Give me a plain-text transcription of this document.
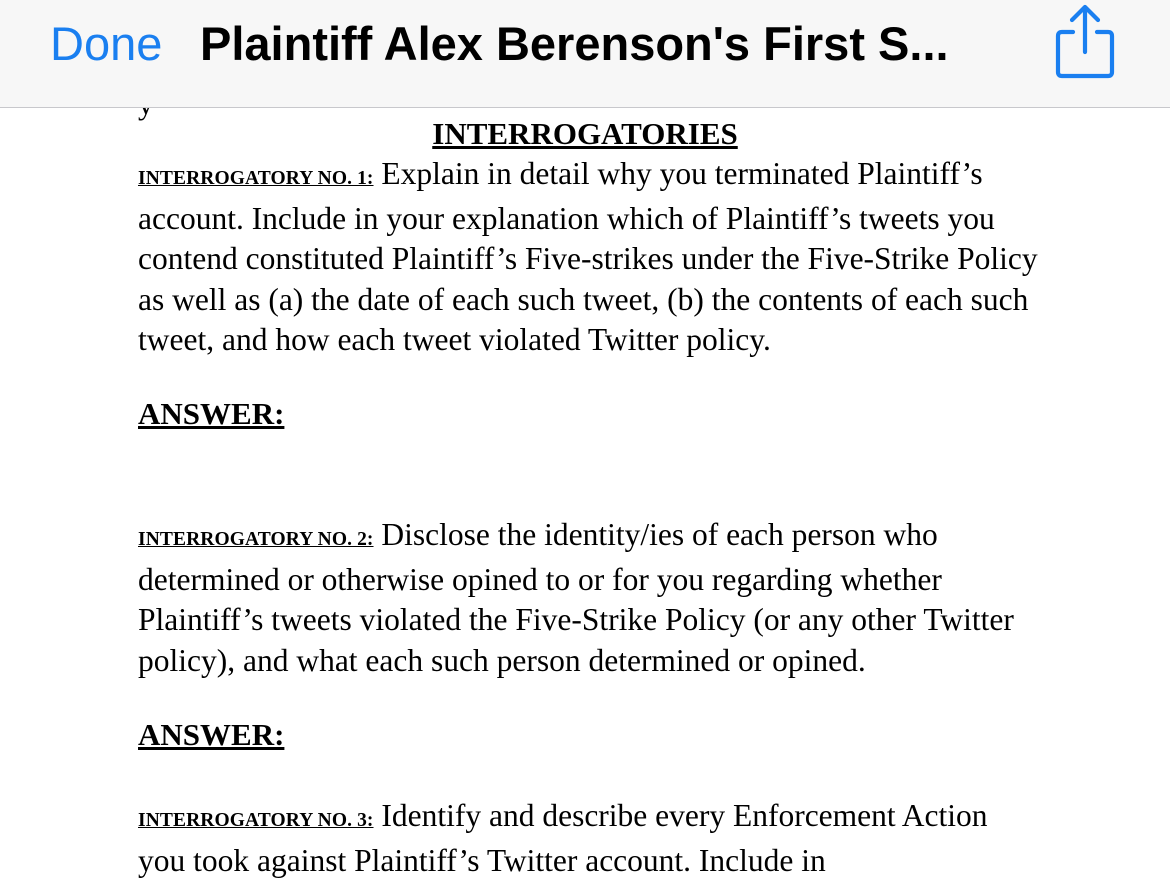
Done Plaintiff Alex Berenson's First S...
INTERROGATORIES

INTERROGATORY NO. 1: Explain in detail why you terminated Plaintiff’s account. Include in your explanation which of Plaintiff’s tweets you contend constituted Plaintiff’s Five-strikes under the Five-Strike Policy as well as (a) the date of each such tweet, (b) the contents of each such tweet, and how each tweet violated Twitter policy.

ANSWER:

INTERROGATORY NO. 2: Disclose the identity/ies of each person who determined or otherwise opined to or for you regarding whether Plaintiff’s tweets violated the Five-Strike Policy (or any other Twitter policy), and what each such person determined or opined.

ANSWER:

INTERROGATORY NO. 3: Identify and describe every Enforcement Action you took against Plaintiff’s Twitter account. Include in
